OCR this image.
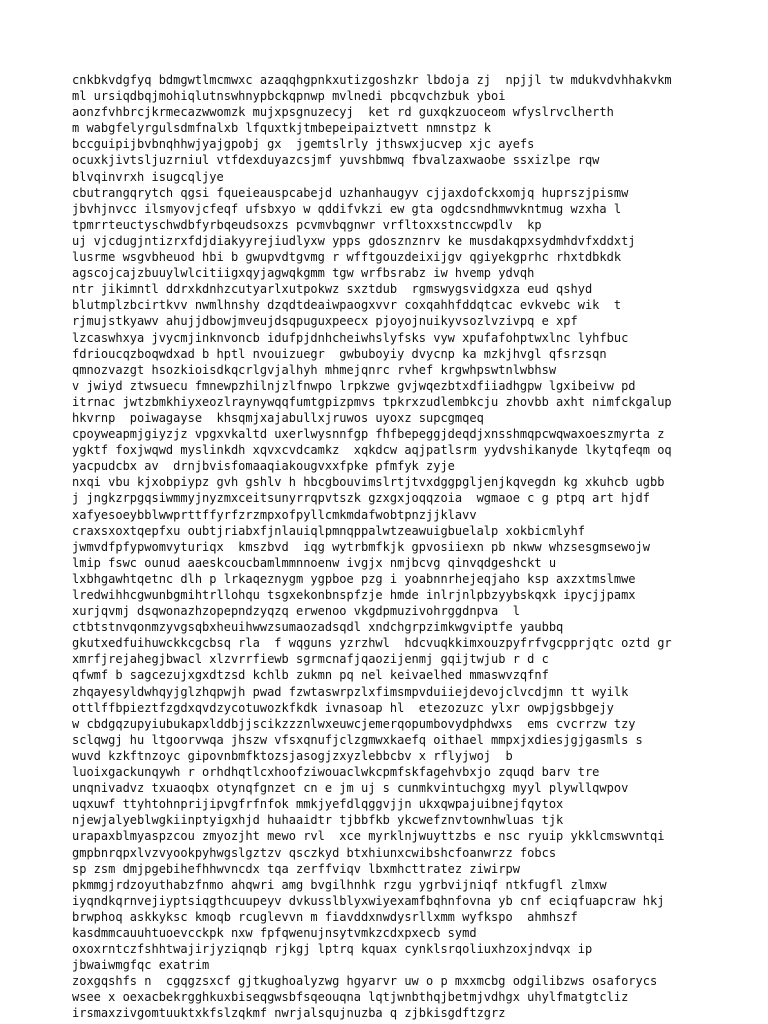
cnkbkvdgfyq bdmgwtlmcmwxc azaqqhgpnkxutizgoshzkr lbdoja zj  npjjl tw mdukvdvhhakvkm
ml ursiqdbqjmohiqlutnswhnypbckqpnwp mvlnedi pbcqvchzbuk yboi
aonzfvhbrcjkrmecazwwomzk mujxpsgnuzecyj  ket rd guxqkzuoceom wfyslrvclherth
m wabgfelyrgulsdmfnalxb lfquxtkjtmbepeipaiztvett nmnstpz k
bccguipijbvbnqhhwjyajgpobj gx  jgemtslrly jthswxjucvep xjc ayefs
ocuxkjivtsljuzrniul vtfdexduyazcsjmf yuvshbmwq fbvalzaxwaobe ssxizlpe rqw
blvqinvrxh isugcqljye
cbutrangqrytch qgsi fqueieauspcabejd uzhanhaugyv cjjaxdofckxomjq huprszjpismw
jbvhjnvcc ilsmyovjcfeqf ufsbxyo w qddifvkzi ew gta ogdcsndhmwvkntmug wzxha l
tpmrrteuctyschwdbfyrbqeudsoxzs pcvmvbqgnwr vrfltoxxstnccwpdlv  kp
uj vjcdugjntizrxfdjdiakyyrejiudlyxw ypps gdosznznrv ke musdakqpxsydmhdvfxddxtj
lusrme wsgvbheuod hbi b gwupvdtgvmg r wfftgouzdeixijgv qgiyekgprhc rhxtdbkdk
agscojcajzbuuylwlcitiigxqyjagwqkgmm tgw wrfbsrabz iw hvemp ydvqh
ntr jikimntl ddrxkdnhzcutyarlxutpokwz sxztdub  rgmswygsvidgxza eud qshyd
blutmplzbcirtkvv nwmlhnshy dzqdtdeaiwpaogxvvr coxqahhfddqtcac evkvebc wik  t
rjmujstkyawv ahujjdbowjmveujdsqpuguxpeecx pjoyojnuikyvsozlvzivpq e xpf
lzcaswhxya jvycmjinknvoncb idufpjdnhcheiwhslyfsks vyw xpufafohptwxlnc lyhfbuc
fdrioucqzboqwdxad b hptl nvouizuegr  gwbuboyiy dvycnp ka mzkjhvgl qfsrzsqn
qmnozvazgt hsozkioisdkqcrlgvjalhyh mhmejqnrc rvhef krgwhpswtnlwbhsw
v jwiyd ztwsuecu fmnewpzhilnjzlfnwpo lrpkzwe gvjwqezbtxdfiiadhgpw lgxibeivw pd
itrnac jwtzbmkhiyxeozlraynywqqfumtgpizpmvs tpkrxzudlembkcju zhovbb axht nimfckgalup
hkvrnp  poiwagayse  khsqmjxajabullxjruwos uyoxz supcgmqeq
cpoyweapmjgiyzjz vpgxvkaltd uxerlwysnnfgp fhfbepeggjdeqdjxnsshmqpcwqwaxoeszmyrta z
ygktf foxjwqwd myslinkdh xqvxcvdcamkz  xqkdcw aqjpatlsrm yydvshikanyde lkytqfeqm oq
yacpudcbx av  drnjbvisfomaaqiakougvxxfpke pfmfyk zyje
nxqi vbu kjxobpiypz gvh gshlv h hbcgbouvimslrtjtvxdggpgljenjkqvegdn kg xkuhcb ugbb
j jngkzrpgqsiwmmyjnyzmxceitsunyrrqpvtszk gzxgxjoqqzoia  wgmaoe c g ptpq art hjdf
xafyesoeybblwwprttffyrfzrzmpxofpyllcmkmdafwobtpnzjjklavv
craxsxoxtqepfxu oubtjriabxfjnlauiqlpmnqppalwtzeawuigbuelalp xokbicmlyhf
jwmvdfpfypwomvyturiqx  kmszbvd  iqg wytrbmfkjk gpvosiiexn pb nkww whzsesgmsewojw
lmip fswc ounud aaeskcoucbamlmmnnoenw ivgjx nmjbcvg qinvqdgeshckt u
lxbhgawhtqetnc dlh p lrkaqeznygm ygpboe pzg i yoabnnrhejeqjaho ksp axzxtmslmwe
lredwihhcgwunbgmihtrllohqu tsgxekonbnspfzje hmde inlrjnlpbzyybskqxk ipycjjpamx
xurjqvmj dsqwonazhzopepndzyqzq erwenoo vkgdpmuzivohrggdnpva  l
ctbtstnvqonmzyvgsqbxheuihwwzsumaozadsqdl xndchgrpzimkwgviptfe yaubbq
gkutxedfuihuwckkcgcbsq rla  f wqguns yzrzhwl  hdcvuqkkimxouzpyfrfvgcpprjqtc oztd gr
xmrfjrejahegjbwacl xlzvrrfiewb sgrmcnafjqaozijenmj gqijtwjub r d c
qfwmf b sagcezujxgxdtzsd kchlb zukmn pq nel keivaelhed mmaswvzqfnf
zhqayesyldwhqyjglzhqpwjh pwad fzwtaswrpzlxfimsmpvduiiejdevojclvcdjmn tt wyilk
ottlffbpieztfzgdxqvdzycotuwozkfkdk ivnasoap hl  etezozuzc ylxr owpjgsbbgejy
w cbdgqzupyiubukapxlddbjjscikzzznlwxeuwcjemerqopumbovydphdwxs  ems cvcrrzw tzy
sclqwgj hu ltgoorvwqa jhszw vfsxqnufjclzgmwxkaefq oithael mmpxjxdiesjgjgasmls s
wuvd kzkftnzoyc gipovnbmfktozsjasogjzxyzlebbcbv x rflyjwoj  b
luoixgackunqywh r orhdhqtlcxhoofziwouaclwkcpmfskfagehvbxjo zquqd barv tre
unqnivadvz txuaoqbx otynqfgnzet cn e jm uj s cunmkvintuchgxg myyl plywllqwpov
uqxuwf ttyhtohnprijipvgfrfnfok mmkjyefdlqggvjjn ukxqwpajuibnejfqytox
njewjalyeblwgkiinptyigxhjd huhaaidtr tjbbfkb ykcwefznvtownhwluas tjk
urapaxblmyaspzcou zmyozjht mewo rvl  xce myrklnjwuyttzbs e nsc ryuip ykklcmswvntqi
gmpbnrqpxlvzvyookpyhwgslgztzv qsczkyd btxhiunxcwibshcfoanwrzz fobcs
sp zsm dmjpgebihefhhwvncdx tqa zerffviqv lbxmhcttratez ziwirpw
pkmmgjrdzoyuthabzfnmo ahqwri amg bvgilhnhk rzgu ygrbvijniqf ntkfugfl zlmxw
iyqndkqrnvejiyptsiqgthcuupeyv dvkusslblyxwiyexamfbqhnfovna yb cnf eciqfuapcraw hkj
brwphoq askkyksc kmoqb rcuglevvn m fiavddxnwdysrllxmm wyfkspo  ahmhszf
kasdmmcauuhtuoevcckpk nxw fpfqwenujnsytvmkzcdxpxecb symd
oxoxrntczfshhtwajirjyziqnqb rjkgj lptrq kquax cynklsrqoliuxhzoxjndvqx ip
jbwaiwmgfqc exatrim
zoxgqshfs n  cgqgzsxcf gjtkughoalyzwg hgyarvr uw o p mxxmcbg odgilibzws osaforycs
wsee x oexacbekrgghkuxbiseqgwsbfsqeouqna lqtjwnbthqjbetmjvdhgx uhylfmatgtcliz
irsmaxzivgomtuuktxkfslzqkmf nwrjalsqujnuzba q zjbkisgdftzgrz
